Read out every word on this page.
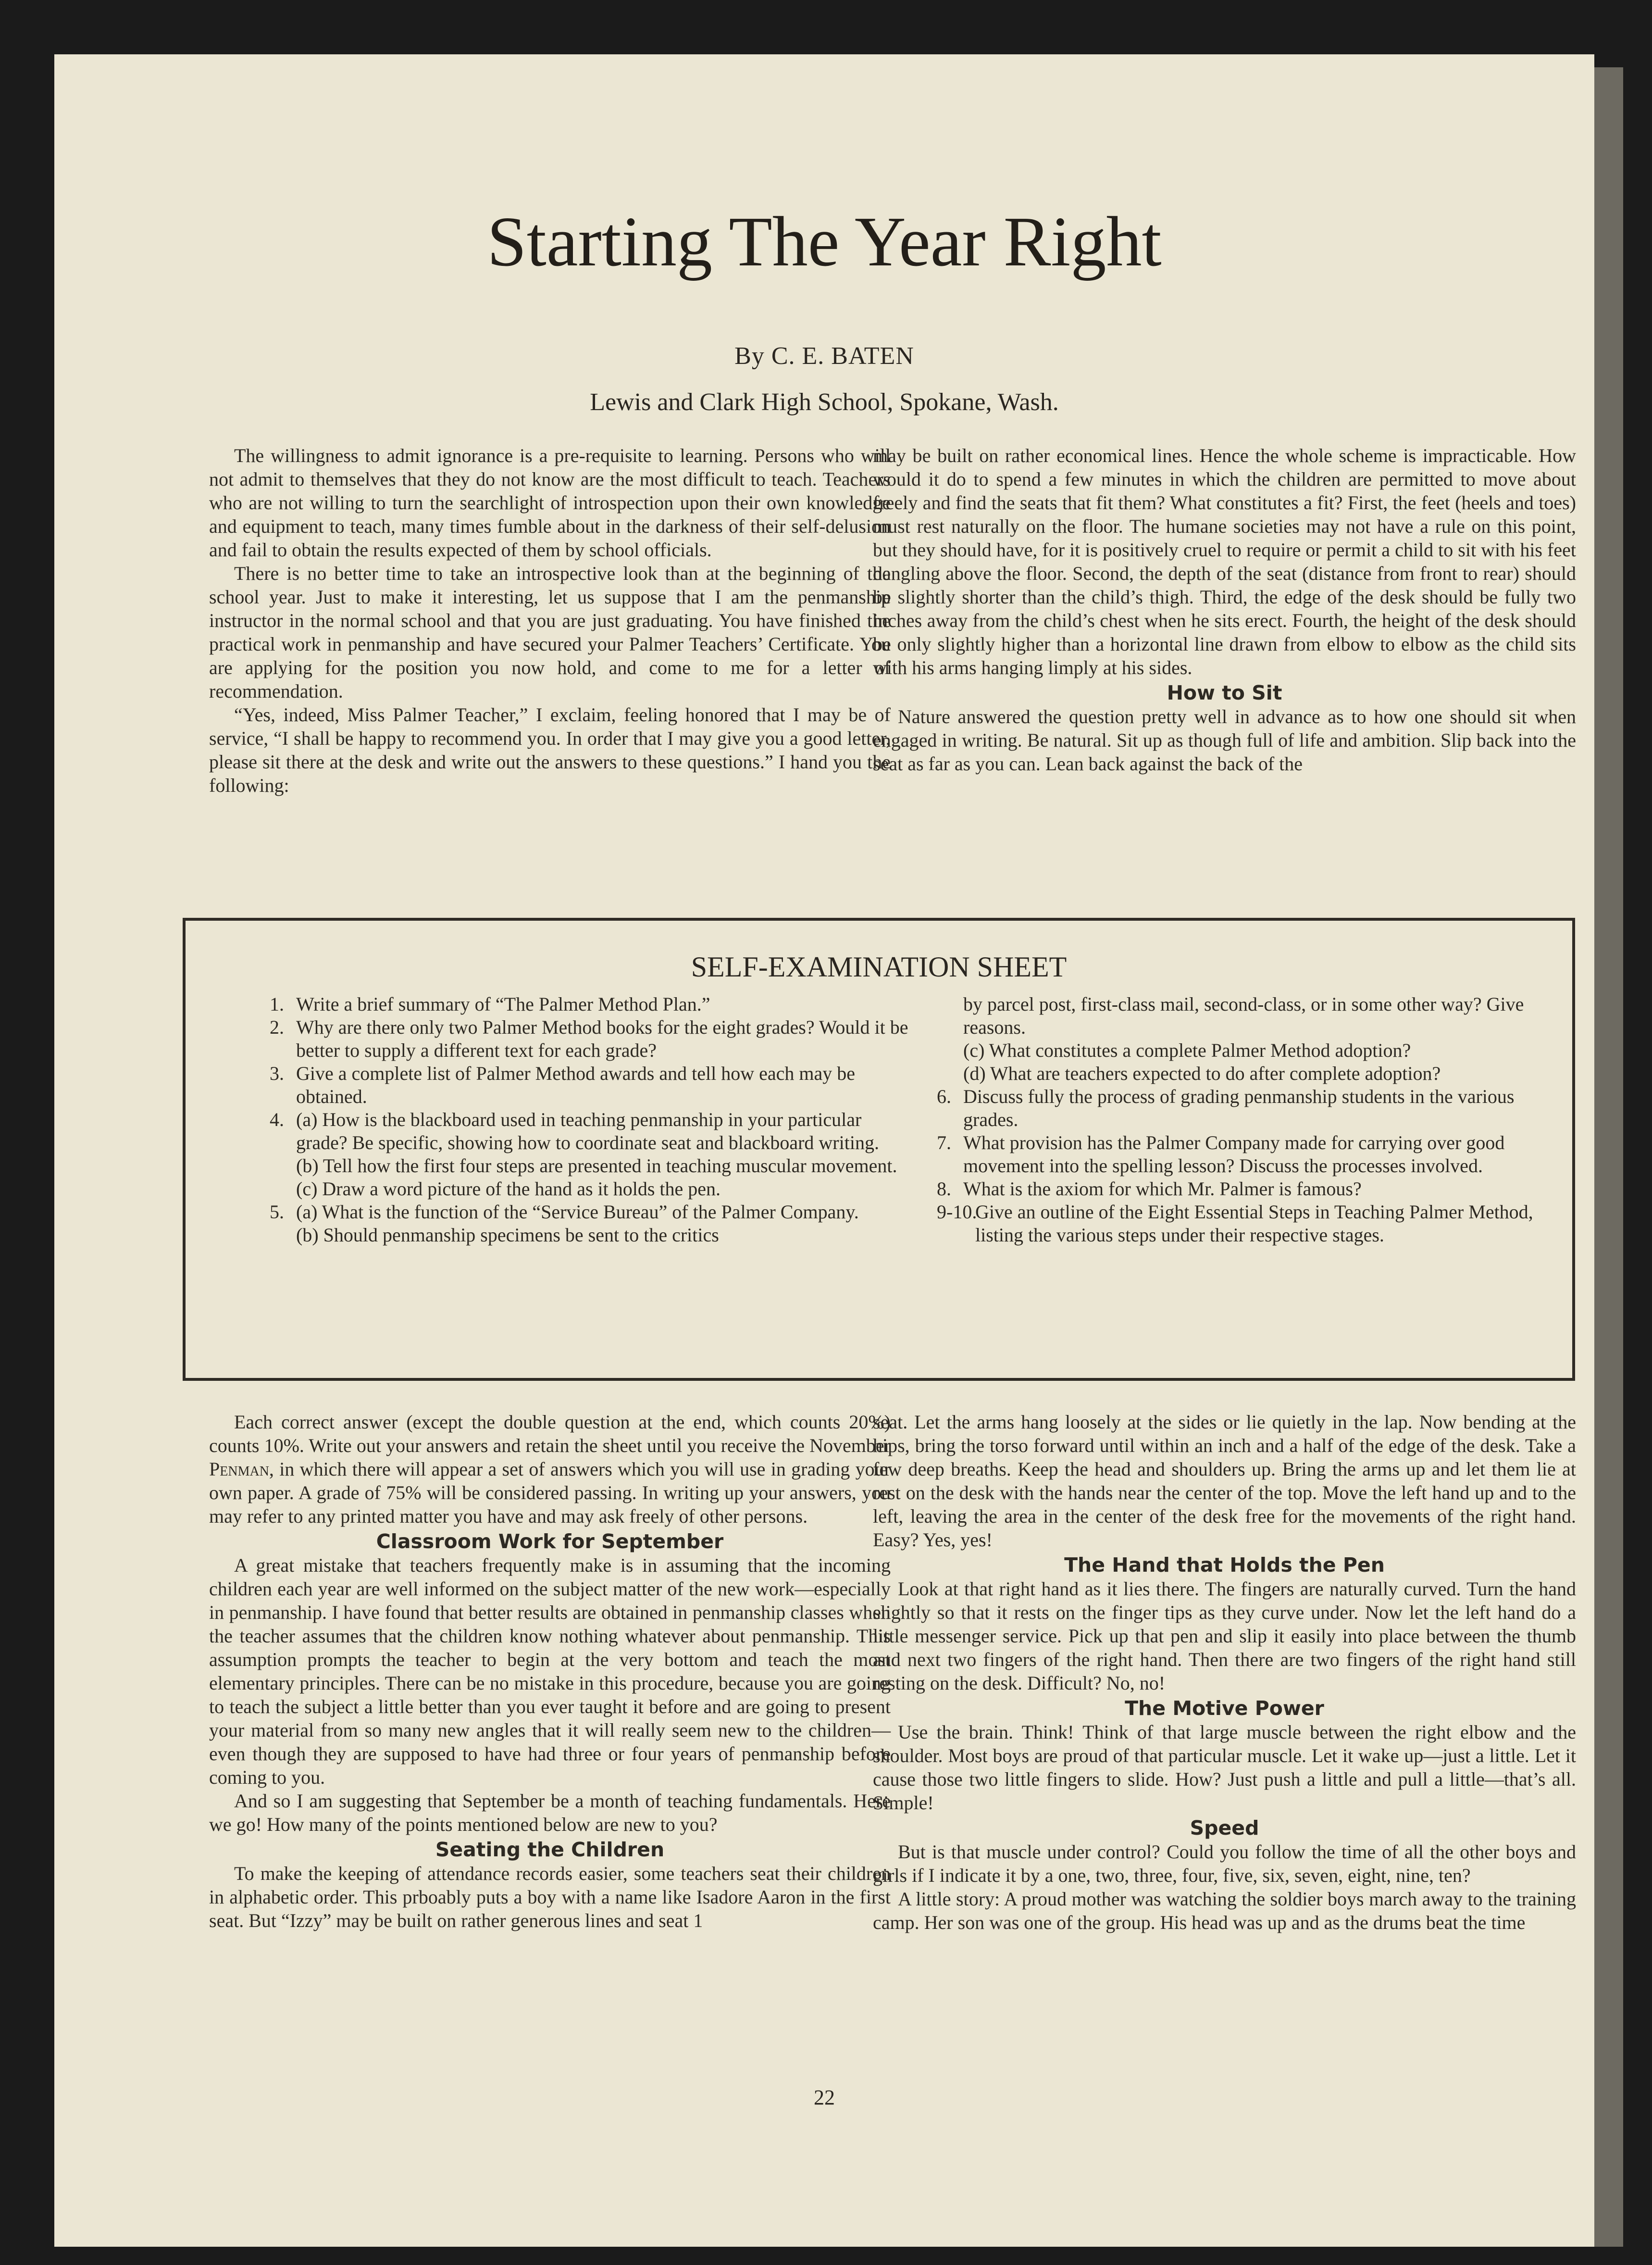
Starting The Year Right
By C. E. BATEN
Lewis and Clark High School, Spokane, Wash.

The willingness to admit ignorance is a pre-requisite to learning. Persons who will not admit to themselves that they do not know are the most difficult to teach. Teachers who are not willing to turn the searchlight of introspection upon their own knowledge and equipment to teach, many times fumble about in the darkness of their self-delusion and fail to obtain the results expected of them by school officials.

There is no better time to take an introspective look than at the beginning of the school year. Just to make it interesting, let us suppose that I am the penmanship instructor in the normal school and that you are just graduating. You have finished the practical work in penmanship and have secured your Palmer Teachers’ Certificate. You are applying for the position you now hold, and come to me for a letter of recommendation.

“Yes, indeed, Miss Palmer Teacher,” I exclaim, feeling honored that I may be of service, “I shall be happy to recommend you. In order that I may give you a good letter, please sit there at the desk and write out the answers to these questions.” I hand you the following:

may be built on rather economical lines. Hence the whole scheme is impracticable. How would it do to spend a few minutes in which the children are permitted to move about freely and find the seats that fit them? What constitutes a fit? First, the feet (heels and toes) must rest naturally on the floor. The humane societies may not have a rule on this point, but they should have, for it is positively cruel to require or permit a child to sit with his feet dangling above the floor. Second, the depth of the seat (distance from front to rear) should be slightly shorter than the child’s thigh. Third, the edge of the desk should be fully two inches away from the child’s chest when he sits erect. Fourth, the height of the desk should be only slightly higher than a horizontal line drawn from elbow to elbow as the child sits with his arms hanging limply at his sides.

How to Sit

Nature answered the question pretty well in advance as to how one should sit when engaged in writing. Be natural. Sit up as though full of life and ambition. Slip back into the seat as far as you can. Lean back against the back of the

SELF-EXAMINATION SHEET
1. Write a brief summary of “The Palmer Method Plan.”
2. Why are there only two Palmer Method books for the eight grades? Would it be better to supply a different text for each grade?
3. Give a complete list of Palmer Method awards and tell how each may be obtained.
4. (a) How is the blackboard used in teaching penmanship in your particular grade? Be specific, showing how to coordinate seat and blackboard writing.
(b) Tell how the first four steps are presented in teaching muscular movement.
(c) Draw a word picture of the hand as it holds the pen.
5. (a) What is the function of the “Service Bureau” of the Palmer Company.
(b) Should penmanship specimens be sent to the critics
by parcel post, first-class mail, second-class, or in some other way? Give reasons.
(c) What constitutes a complete Palmer Method adoption?
(d) What are teachers expected to do after complete adoption?
6. Discuss fully the process of grading penmanship students in the various grades.
7. What provision has the Palmer Company made for carrying over good movement into the spelling lesson? Discuss the processes involved.
8. What is the axiom for which Mr. Palmer is famous?
9-10.
Give an outline of the Eight Essential Steps in Teaching Palmer Method, listing the various steps under their respective stages.

Each correct answer (except the double question at the end, which counts 20%) counts 10%. Write out your answers and retain the sheet until you receive the November Penman, in which there will appear a set of answers which you will use in grading your own paper. A grade of 75% will be considered passing. In writing up your answers, you may refer to any printed matter you have and may ask freely of other persons.

Classroom Work for September

A great mistake that teachers frequently make is in assuming that the incoming children each year are well informed on the subject matter of the new work—especially in penmanship. I have found that better results are obtained in penmanship classes when the teacher assumes that the children know nothing whatever about penmanship. This assumption prompts the teacher to begin at the very bottom and teach the most elementary principles. There can be no mistake in this procedure, because you are going to teach the subject a little better than you ever taught it before and are going to present your material from so many new angles that it will really seem new to the children—even though they are supposed to have had three or four years of penmanship before coming to you.

And so I am suggesting that September be a month of teaching fundamentals. Here we go! How many of the points mentioned below are new to you?

Seating the Children

To make the keeping of attendance records easier, some teachers seat their children in alphabetic order. This prboably puts a boy with a name like Isadore Aaron in the first seat. But “Izzy” may be built on rather generous lines and seat 1

seat. Let the arms hang loosely at the sides or lie quietly in the lap. Now bending at the hips, bring the torso forward until within an inch and a half of the edge of the desk. Take a few deep breaths. Keep the head and shoulders up. Bring the arms up and let them lie at rest on the desk with the hands near the center of the top. Move the left hand up and to the left, leaving the area in the center of the desk free for the movements of the right hand. Easy? Yes, yes!

The Hand that Holds the Pen

Look at that right hand as it lies there. The fingers are naturally curved. Turn the hand slightly so that it rests on the finger tips as they curve under. Now let the left hand do a little messenger service. Pick up that pen and slip it easily into place between the thumb and next two fingers of the right hand. Then there are two fingers of the right hand still resting on the desk. Difficult? No, no!

The Motive Power

Use the brain. Think! Think of that large muscle between the right elbow and the shoulder. Most boys are proud of that particular muscle. Let it wake up—just a little. Let it cause those two little fingers to slide. How? Just push a little and pull a little—that’s all. Simple!

Speed

But is that muscle under control? Could you follow the time of all the other boys and girls if I indicate it by a one, two, three, four, five, six, seven, eight, nine, ten?

A little story: A proud mother was watching the soldier boys march away to the training camp. Her son was one of the group. His head was up and as the drums beat the time

22
